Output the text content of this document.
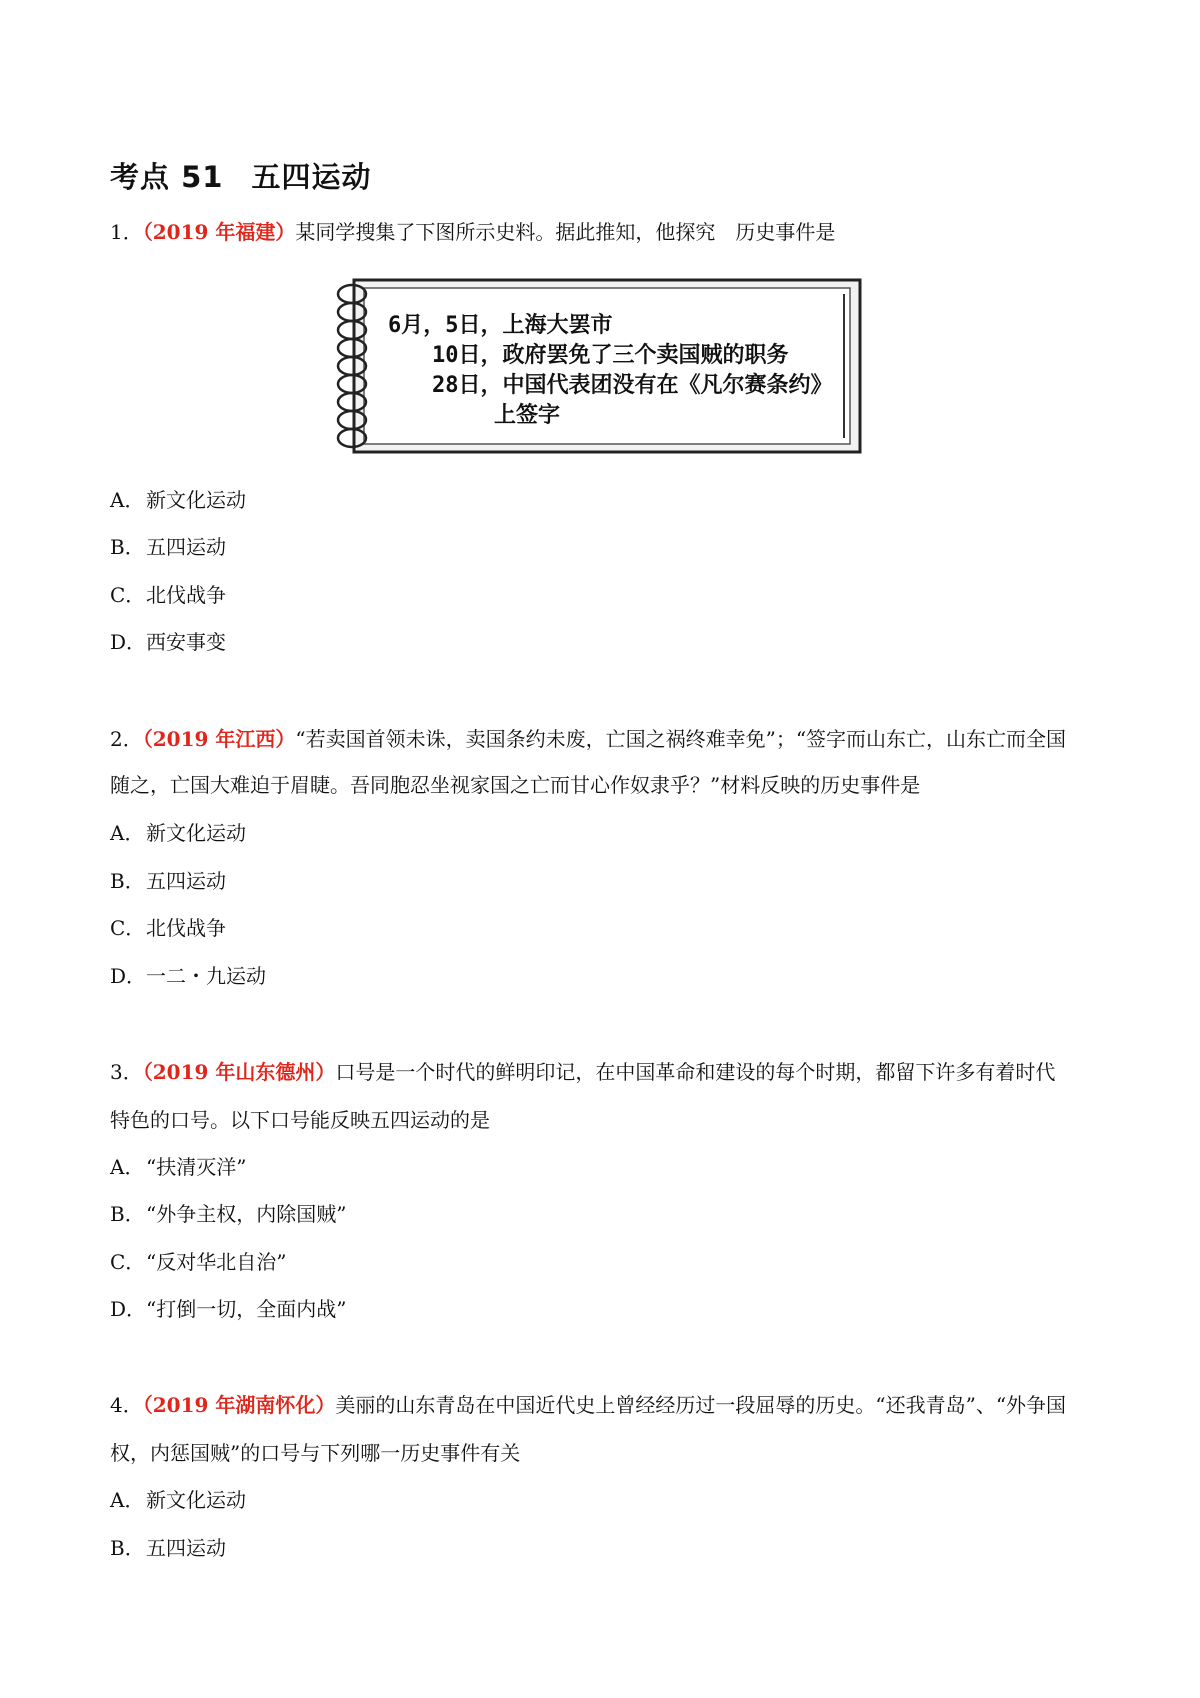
考点 51 五四运动
1．（2019 年福建）某同学搜集了下图所示史料。据此推知，他探究　历史事件是
6月，5日，上海大罢市
10日，政府罢免了三个卖国贼的职务
28日，中国代表团没有在《凡尔赛条约》
上签字
A．新文化运动
B．五四运动
C．北伐战争
D．西安事变
2．（2019 年江西）“若卖国首领未诛，卖国条约未废，亡国之祸终难幸免”；“签字而山东亡，山东亡而全国
随之，亡国大难迫于眉睫。吾同胞忍坐视家国之亡而甘心作奴隶乎？”材料反映的历史事件是
A．新文化运动
B．五四运动
C．北伐战争
D．一二・九运动
3．（2019 年山东德州）口号是一个时代的鲜明印记，在中国革命和建设的每个时期，都留下许多有着时代
特色的口号。以下口号能反映五四运动的是
A．“扶清灭洋”
B．“外争主权，内除国贼”
C．“反对华北自治”
D．“打倒一切，全面内战”
4．（2019 年湖南怀化）美丽的山东青岛在中国近代史上曾经经历过一段屈辱的历史。“还我青岛”、“外争国
权，内惩国贼”的口号与下列哪一历史事件有关
A．新文化运动
B．五四运动
